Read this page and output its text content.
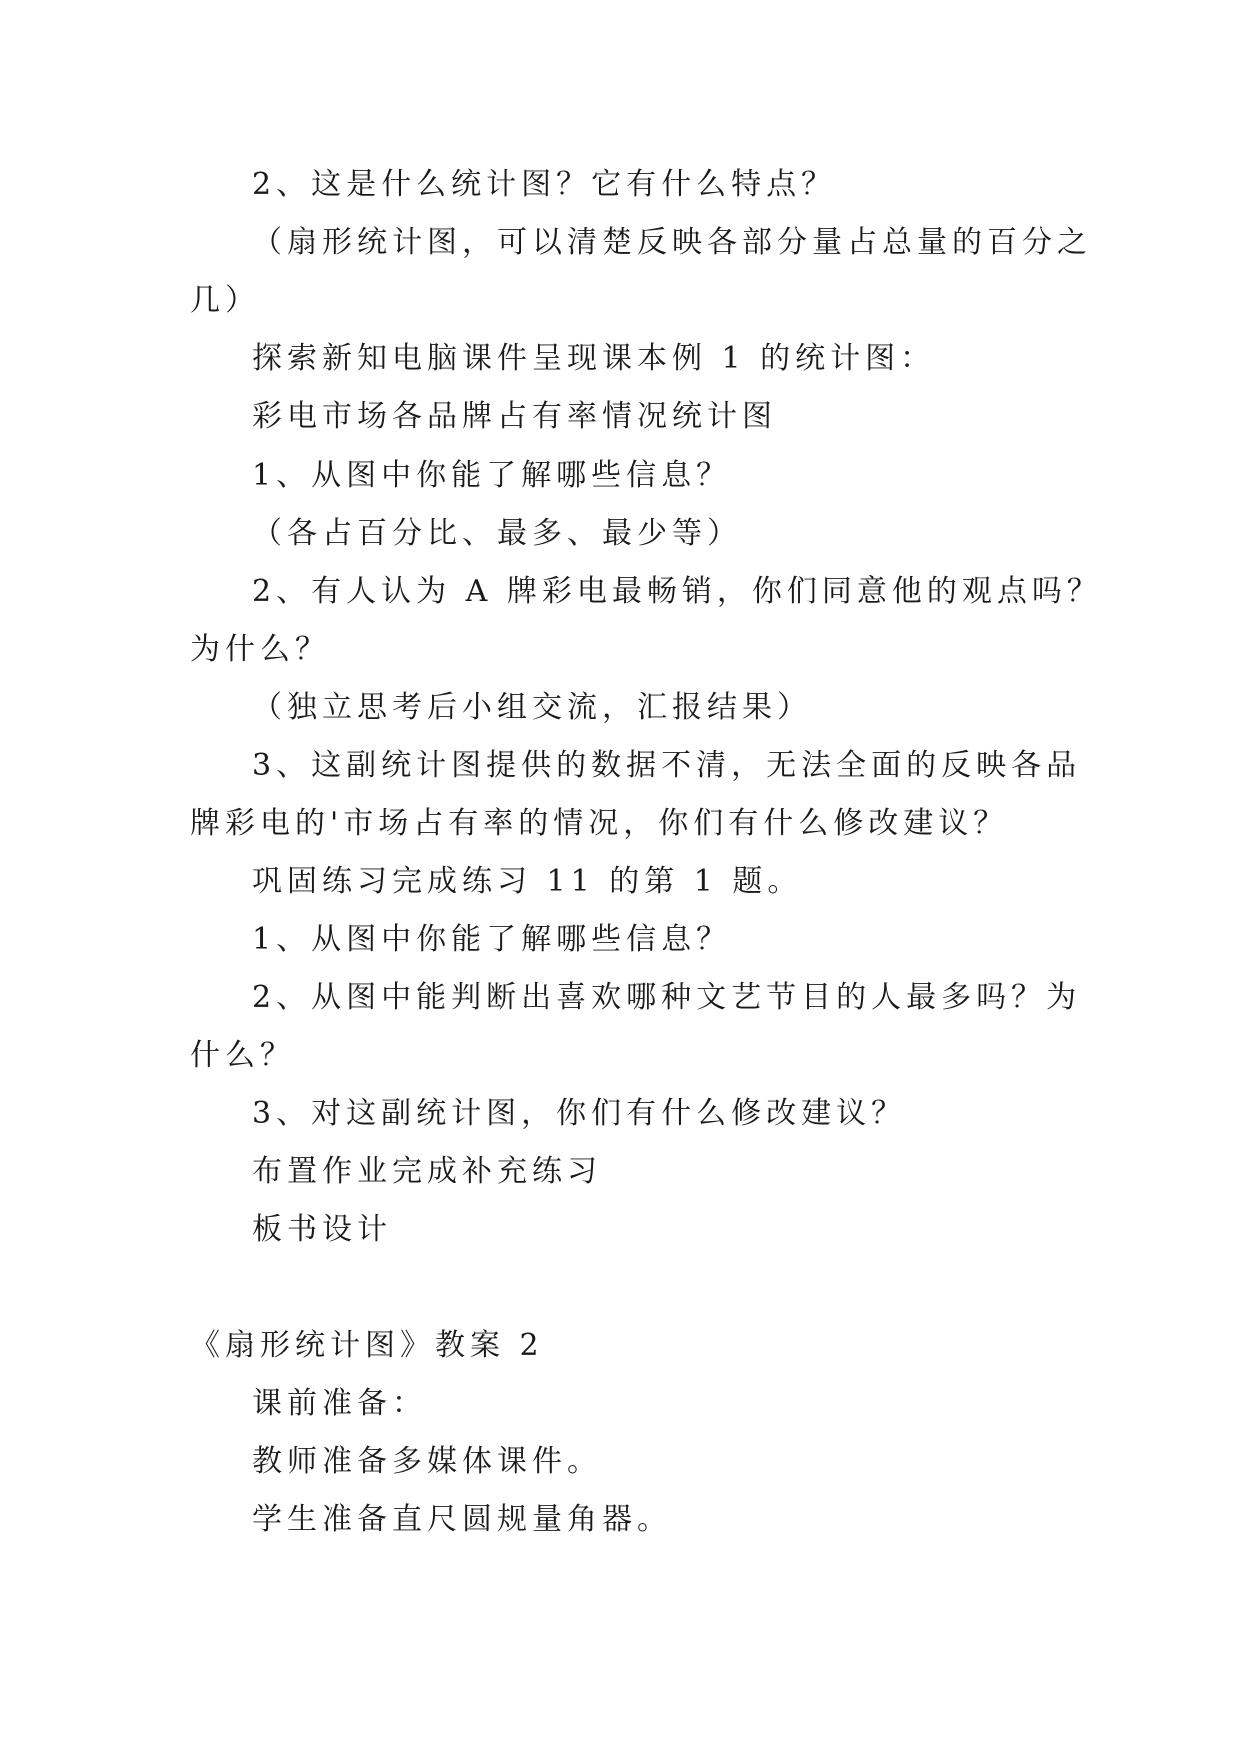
2、这是什么统计图？它有什么特点？
（扇形统计图，可以清楚反映各部分量占总量的百分之
几）
探索新知电脑课件呈现课本例 1 的统计图：
彩电市场各品牌占有率情况统计图
1、从图中你能了解哪些信息？
（各占百分比、最多、最少等）
2、有人认为 A 牌彩电最畅销，你们同意他的观点吗？
为什么？
（独立思考后小组交流，汇报结果）
3、这副统计图提供的数据不清，无法全面的反映各品
牌彩电的'市场占有率的情况，你们有什么修改建议？
巩固练习完成练习 11 的第 1 题。
1、从图中你能了解哪些信息？
2、从图中能判断出喜欢哪种文艺节目的人最多吗？为
什么？
3、对这副统计图，你们有什么修改建议？
布置作业完成补充练习
板书设计
《扇形统计图》教案 2
课前准备：
教师准备多媒体课件。
学生准备直尺圆规量角器。
